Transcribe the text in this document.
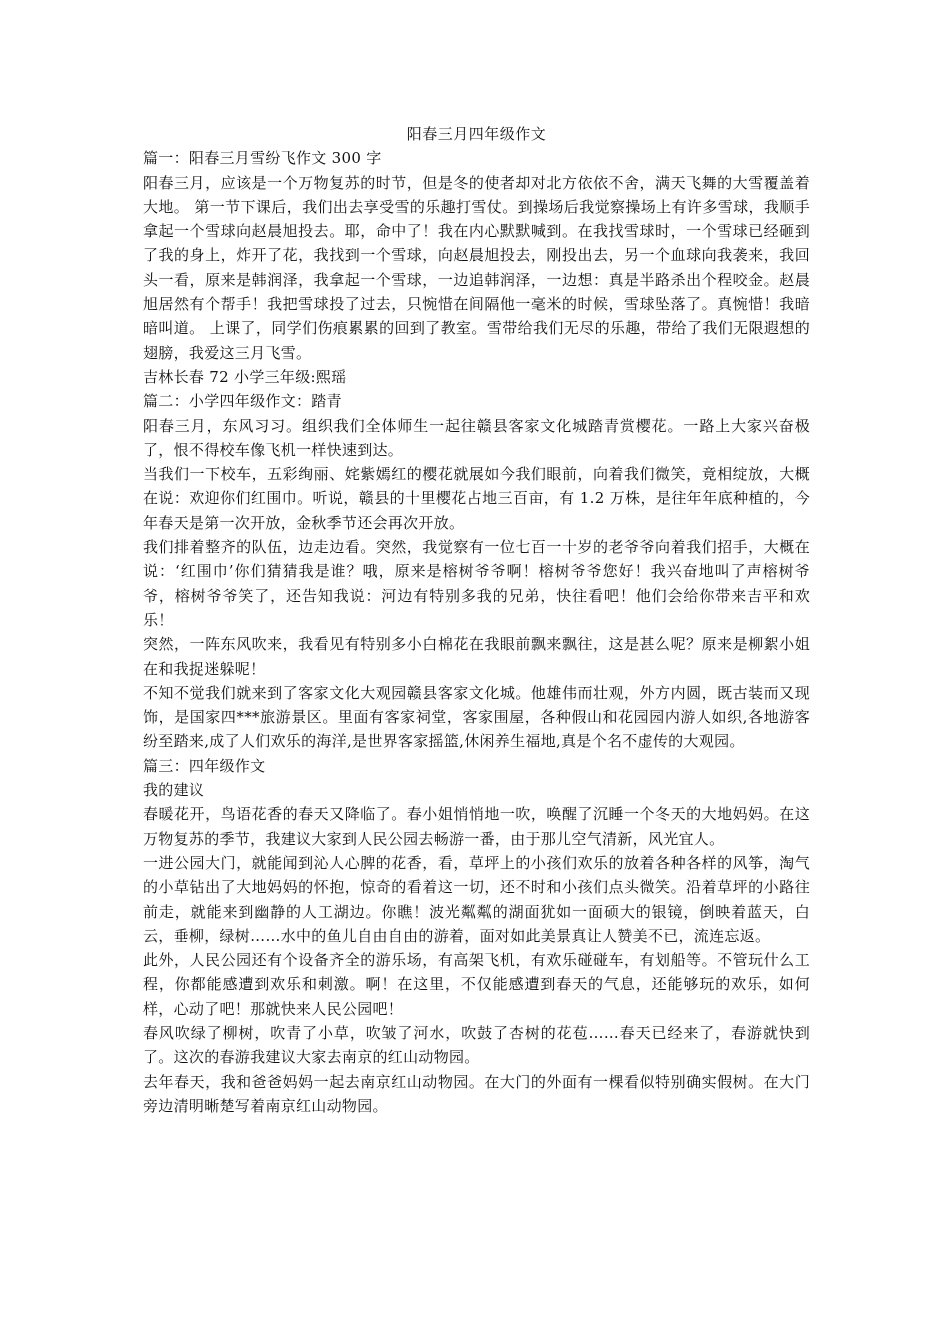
阳春三月四年级作文

篇一：阳春三月雪纷飞作文 300 字

阳春三月，应该是一个万物复苏的时节，但是冬的使者却对北方依依不舍，满天飞舞的大雪覆盖着大地。 第一节下课后，我们出去享受雪的乐趣打雪仗。到操场后我觉察操场上有许多雪球，我顺手拿起一个雪球向赵晨旭投去。耶，命中了！我在内心默默喊到。在我找雪球时，一个雪球已经砸到了我的身上，炸开了花，我找到一个雪球，向赵晨旭投去，刚投出去，另一个血球向我袭来，我回头一看，原来是韩润泽，我拿起一个雪球，一边追韩润泽，一边想：真是半路杀出个程咬金。赵晨旭居然有个帮手！我把雪球投了过去，只惋惜在间隔他一毫米的时候，雪球坠落了。真惋惜！我暗暗叫道。 上课了，同学们伤痕累累的回到了教室。雪带给我们无尽的乐趣，带给了我们无限遐想的翅膀，我爱这三月飞雪。

吉林长春 72 小学三年级:熙瑶

篇二：小学四年级作文：踏青

阳春三月，东风习习。组织我们全体师生一起往赣县客家文化城踏青赏樱花。一路上大家兴奋极了，恨不得校车像飞机一样快速到达。

当我们一下校车，五彩绚丽、姹紫嫣红的樱花就展如今我们眼前，向着我们微笑，竟相绽放，大概在说：欢迎你们红围巾。听说，赣县的十里樱花占地三百亩，有 1.2 万株，是往年年底种植的，今年春天是第一次开放，金秋季节还会再次开放。

我们排着整齐的队伍，边走边看。突然，我觉察有一位七百一十岁的老爷爷向着我们招手，大概在说：‘红围巾’你们猜猜我是谁？哦，原来是榕树爷爷啊！榕树爷爷您好！我兴奋地叫了声榕树爷爷，榕树爷爷笑了，还告知我说：河边有特别多我的兄弟，快往看吧！他们会给你带来吉平和欢乐！

突然，一阵东风吹来，我看见有特别多小白棉花在我眼前飘来飘往，这是甚么呢？原来是柳絮小姐在和我捉迷躲呢！

不知不觉我们就来到了客家文化大观园赣县客家文化城。他雄伟而壮观，外方内圆，既古装而又现饰，是国家四***旅游景区。里面有客家祠堂，客家围屋，各种假山和花园园内游人如织,各地游客纷至踏来,成了人们欢乐的海洋,是世界客家摇篮,休闲养生福地,真是个名不虚传的大观园。

篇三：四年级作文

我的建议

春暖花开，鸟语花香的春天又降临了。春小姐悄悄地一吹，唤醒了沉睡一个冬天的大地妈妈。在这万物复苏的季节，我建议大家到人民公园去畅游一番，由于那儿空气清新，风光宜人。

一进公园大门，就能闻到沁人心脾的花香，看，草坪上的小孩们欢乐的放着各种各样的风筝，淘气的小草钻出了大地妈妈的怀抱，惊奇的看着这一切，还不时和小孩们点头微笑。沿着草坪的小路往前走，就能来到幽静的人工湖边。你瞧！波光粼粼的湖面犹如一面硕大的银镜，倒映着蓝天，白云，垂柳，绿树……水中的鱼儿自由自由的游着，面对如此美景真让人赞美不已，流连忘返。

此外，人民公园还有个设备齐全的游乐场，有高架飞机，有欢乐碰碰车，有划船等。不管玩什么工程，你都能感遭到欢乐和刺激。啊！在这里，不仅能感遭到春天的气息，还能够玩的欢乐，如何样，心动了吧！那就快来人民公园吧！

春风吹绿了柳树，吹青了小草，吹皱了河水，吹鼓了杏树的花苞……春天已经来了，春游就快到了。这次的春游我建议大家去南京的红山动物园。

去年春天，我和爸爸妈妈一起去南京红山动物园。在大门的外面有一棵看似特别确实假树。在大门旁边清明晰楚写着南京红山动物园。
